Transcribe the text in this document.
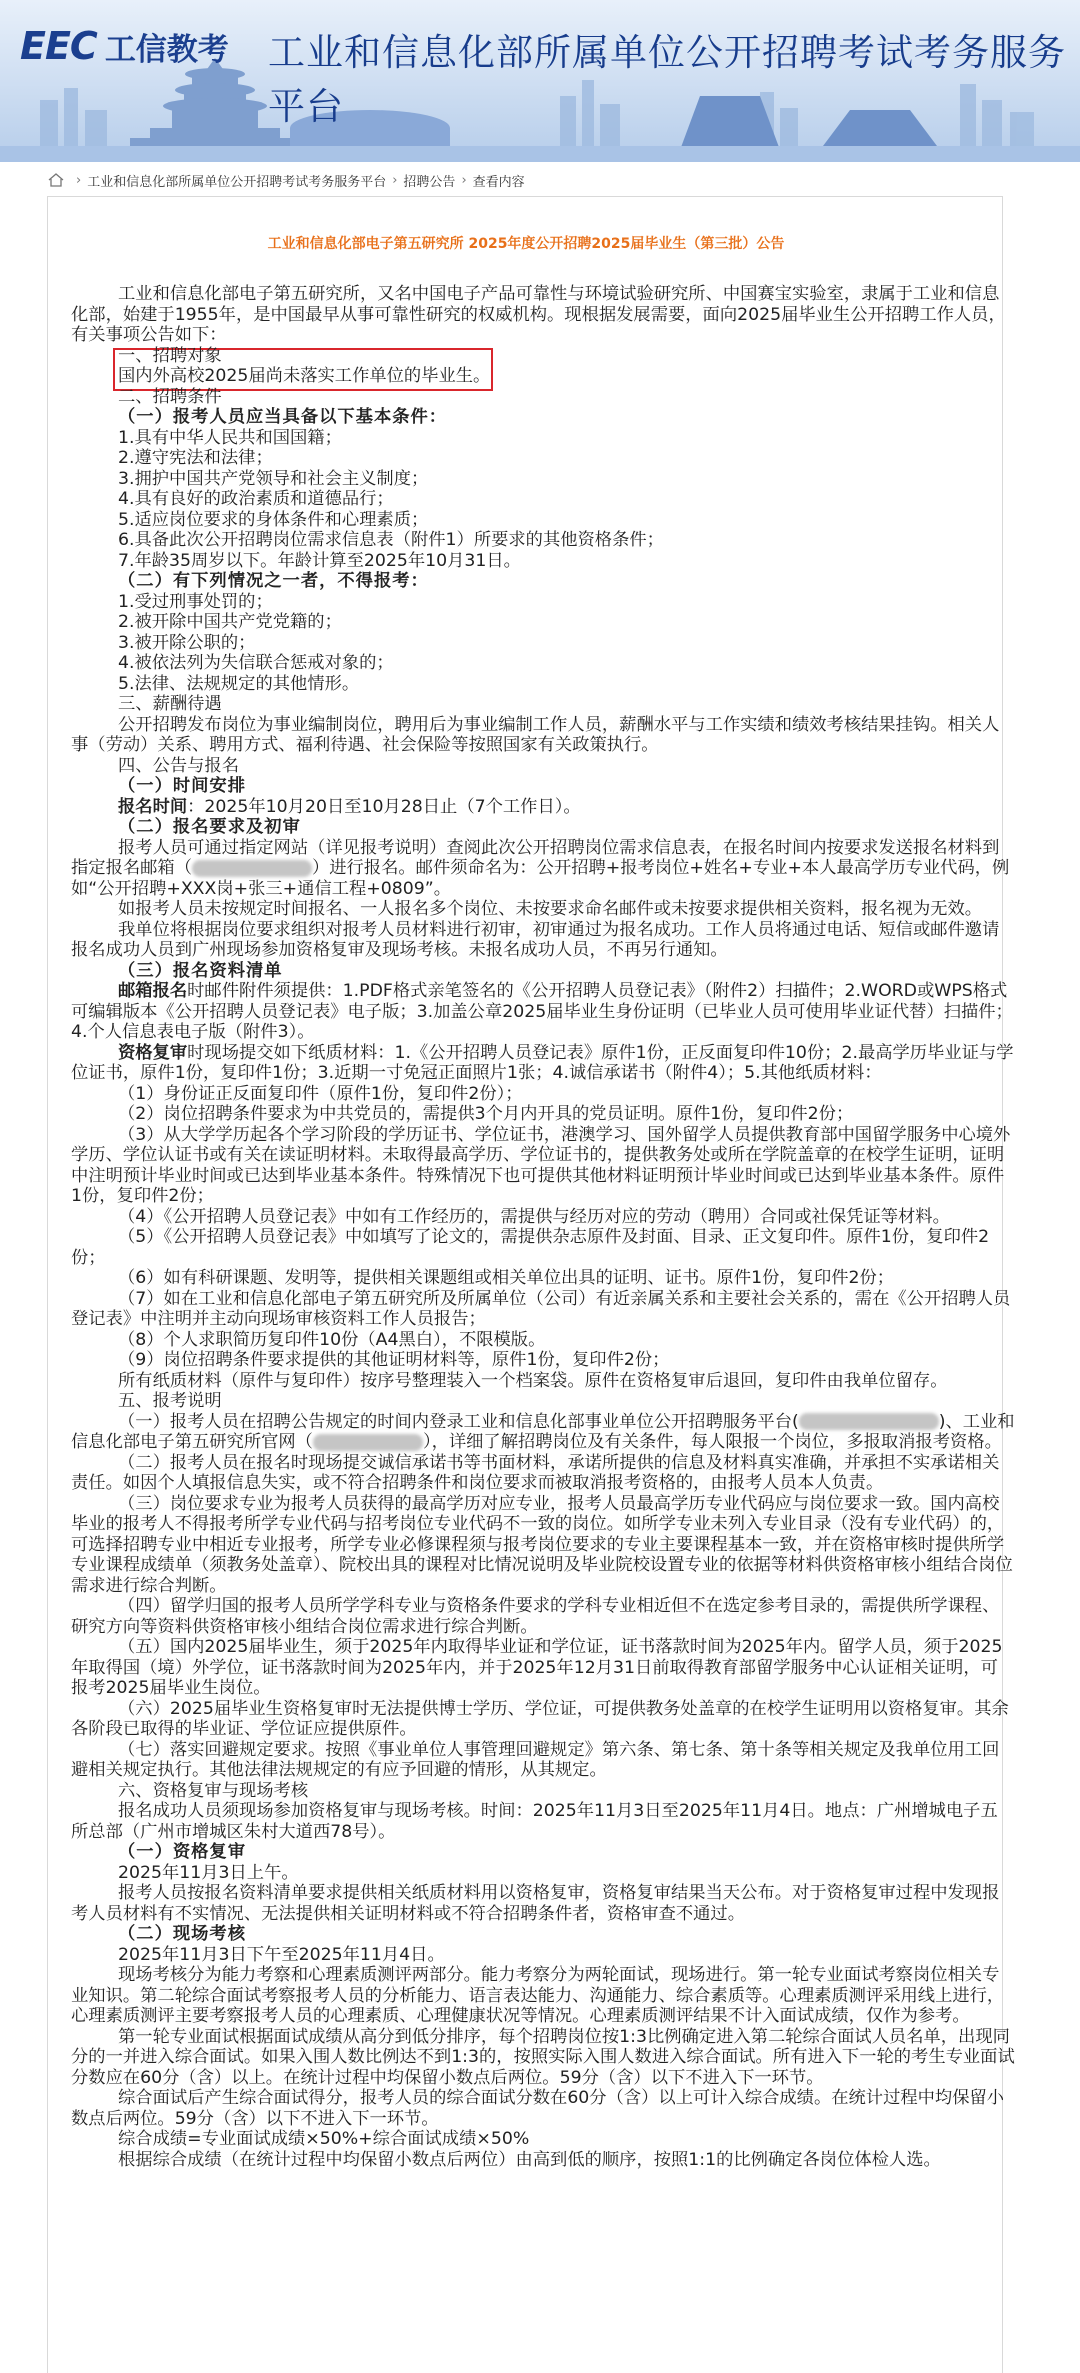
EEC 工信教考 工业和信息化部所属单位公开招聘考试考务服务平台
› 工业和信息化部所属单位公开招聘考试考务服务平台 › 招聘公告 › 查看内容
工业和信息化部电子第五研究所 2025年度公开招聘2025届毕业生（第三批）公告

工业和信息化部电子第五研究所，又名中国电子产品可靠性与环境试验研究所、中国赛宝实验室，隶属于工业和信息化部，始建于1955年，是中国最早从事可靠性研究的权威机构。现根据发展需要，面向2025届毕业生公开招聘工作人员，有关事项公告如下：

一、招聘对象

国内外高校2025届尚未落实工作单位的毕业生。

二、招聘条件

（一）报考人员应当具备以下基本条件：

1.具有中华人民共和国国籍；

2.遵守宪法和法律；

3.拥护中国共产党领导和社会主义制度；

4.具有良好的政治素质和道德品行；

5.适应岗位要求的身体条件和心理素质；

6.具备此次公开招聘岗位需求信息表（附件1）所要求的其他资格条件；

7.年龄35周岁以下。年龄计算至2025年10月31日。

（二）有下列情况之一者，不得报考：

1.受过刑事处罚的；

2.被开除中国共产党党籍的；

3.被开除公职的；

4.被依法列为失信联合惩戒对象的；

5.法律、法规规定的其他情形。

三、薪酬待遇

公开招聘发布岗位为事业编制岗位，聘用后为事业编制工作人员，薪酬水平与工作实绩和绩效考核结果挂钩。相关人事（劳动）关系、聘用方式、福利待遇、社会保险等按照国家有关政策执行。

四、公告与报名

（一）时间安排

报名时间：2025年10月20日至10月28日止（7个工作日）。

（二）报名要求及初审

报考人员可通过指定网站（详见报考说明）查阅此次公开招聘岗位需求信息表，在报名时间内按要求发送报名材料到指定报名邮箱（	）进行报名。邮件须命名为：公开招聘+报考岗位+姓名+专业+本人最高学历专业代码，例如“公开招聘+XXX岗+张三+通信工程+0809”。

如报考人员未按规定时间报名、一人报名多个岗位、未按要求命名邮件或未按要求提供相关资料，报名视为无效。

我单位将根据岗位要求组织对报考人员材料进行初审，初审通过为报名成功。工作人员将通过电话、短信或邮件邀请报名成功人员到广州现场参加资格复审及现场考核。未报名成功人员，不再另行通知。

（三）报名资料清单

邮箱报名时邮件附件须提供：1.PDF格式亲笔签名的《公开招聘人员登记表》（附件2）扫描件；2.WORD或WPS格式可编辑版本《公开招聘人员登记表》电子版；3.加盖公章2025届毕业生身份证明（已毕业人员可使用毕业证代替）扫描件；4.个人信息表电子版（附件3）。

资格复审时现场提交如下纸质材料：1.《公开招聘人员登记表》原件1份，正反面复印件10份；2.最高学历毕业证与学位证书，原件1份，复印件1份；3.近期一寸免冠正面照片1张；4.诚信承诺书（附件4）；5.其他纸质材料：

（1）身份证正反面复印件（原件1份，复印件2份）；

（2）岗位招聘条件要求为中共党员的，需提供3个月内开具的党员证明。原件1份，复印件2份；

（3）从大学学历起各个学习阶段的学历证书、学位证书，港澳学习、国外留学人员提供教育部中国留学服务中心境外学历、学位认证书或有关在读证明材料。未取得最高学历、学位证书的，提供教务处或所在学院盖章的在校学生证明，证明中注明预计毕业时间或已达到毕业基本条件。特殊情况下也可提供其他材料证明预计毕业时间或已达到毕业基本条件。原件1份，复印件2份；

（4）《公开招聘人员登记表》中如有工作经历的，需提供与经历对应的劳动（聘用）合同或社保凭证等材料。

（5）《公开招聘人员登记表》中如填写了论文的，需提供杂志原件及封面、目录、正文复印件。原件1份，复印件2份；

（6）如有科研课题、发明等，提供相关课题组或相关单位出具的证明、证书。原件1份，复印件2份；

（7）如在工业和信息化部电子第五研究所及所属单位（公司）有近亲属关系和主要社会关系的，需在《公开招聘人员登记表》中注明并主动向现场审核资料工作人员报告；

（8）个人求职简历复印件10份（A4黑白），不限模版。

（9）岗位招聘条件要求提供的其他证明材料等，原件1份，复印件2份；

所有纸质材料（原件与复印件）按序号整理装入一个档案袋。原件在资格复审后退回，复印件由我单位留存。

五、报考说明

（一）报考人员在招聘公告规定的时间内登录工业和信息化部事业单位公开招聘服务平台(	)、工业和信息化部电子第五研究所官网（	），详细了解招聘岗位及有关条件，每人限报一个岗位，多报取消报考资格。

（二）报考人员在报名时现场提交诚信承诺书等书面材料，承诺所提供的信息及材料真实准确，并承担不实承诺相关责任。如因个人填报信息失实，或不符合招聘条件和岗位要求而被取消报考资格的，由报考人员本人负责。

（三）岗位要求专业为报考人员获得的最高学历对应专业，报考人员最高学历专业代码应与岗位要求一致。国内高校毕业的报考人不得报考所学专业代码与招考岗位专业代码不一致的岗位。如所学专业未列入专业目录（没有专业代码）的，可选择招聘专业中相近专业报考，所学专业必修课程须与报考岗位要求的专业主要课程基本一致，并在资格审核时提供所学专业课程成绩单（须教务处盖章）、院校出具的课程对比情况说明及毕业院校设置专业的依据等材料供资格审核小组结合岗位需求进行综合判断。

（四）留学归国的报考人员所学学科专业与资格条件要求的学科专业相近但不在选定参考目录的，需提供所学课程、研究方向等资料供资格审核小组结合岗位需求进行综合判断。

（五）国内2025届毕业生，须于2025年内取得毕业证和学位证，证书落款时间为2025年内。留学人员，须于2025年取得国（境）外学位，证书落款时间为2025年内，并于2025年12月31日前取得教育部留学服务中心认证相关证明，可报考2025届毕业生岗位。

（六）2025届毕业生资格复审时无法提供博士学历、学位证，可提供教务处盖章的在校学生证明用以资格复审。其余各阶段已取得的毕业证、学位证应提供原件。

（七）落实回避规定要求。按照《事业单位人事管理回避规定》第六条、第七条、第十条等相关规定及我单位用工回避相关规定执行。其他法律法规规定的有应予回避的情形，从其规定。

六、资格复审与现场考核

报名成功人员须现场参加资格复审与现场考核。时间：2025年11月3日至2025年11月4日。地点：广州增城电子五所总部（广州市增城区朱村大道西78号）。

（一）资格复审

2025年11月3日上午。

报考人员按报名资料清单要求提供相关纸质材料用以资格复审，资格复审结果当天公布。对于资格复审过程中发现报考人员材料有不实情况、无法提供相关证明材料或不符合招聘条件者，资格审查不通过。

（二）现场考核

2025年11月3日下午至2025年11月4日。

现场考核分为能力考察和心理素质测评两部分。能力考察分为两轮面试，现场进行。第一轮专业面试考察岗位相关专业知识。第二轮综合面试考察报考人员的分析能力、语言表达能力、沟通能力、综合素质等。心理素质测评采用线上进行，心理素质测评主要考察报考人员的心理素质、心理健康状况等情况。心理素质测评结果不计入面试成绩，仅作为参考。

第一轮专业面试根据面试成绩从高分到低分排序，每个招聘岗位按1:3比例确定进入第二轮综合面试人员名单，出现同分的一并进入综合面试。如果入围人数比例达不到1:3的，按照实际入围人数进入综合面试。所有进入下一轮的考生专业面试分数应在60分（含）以上。在统计过程中均保留小数点后两位。59分（含）以下不进入下一环节。

综合面试后产生综合面试得分，报考人员的综合面试分数在60分（含）以上可计入综合成绩。在统计过程中均保留小数点后两位。59分（含）以下不进入下一环节。

综合成绩=专业面试成绩×50%+综合面试成绩×50%

根据综合成绩（在统计过程中均保留小数点后两位）由高到低的顺序，按照1:1的比例确定各岗位体检人选。
